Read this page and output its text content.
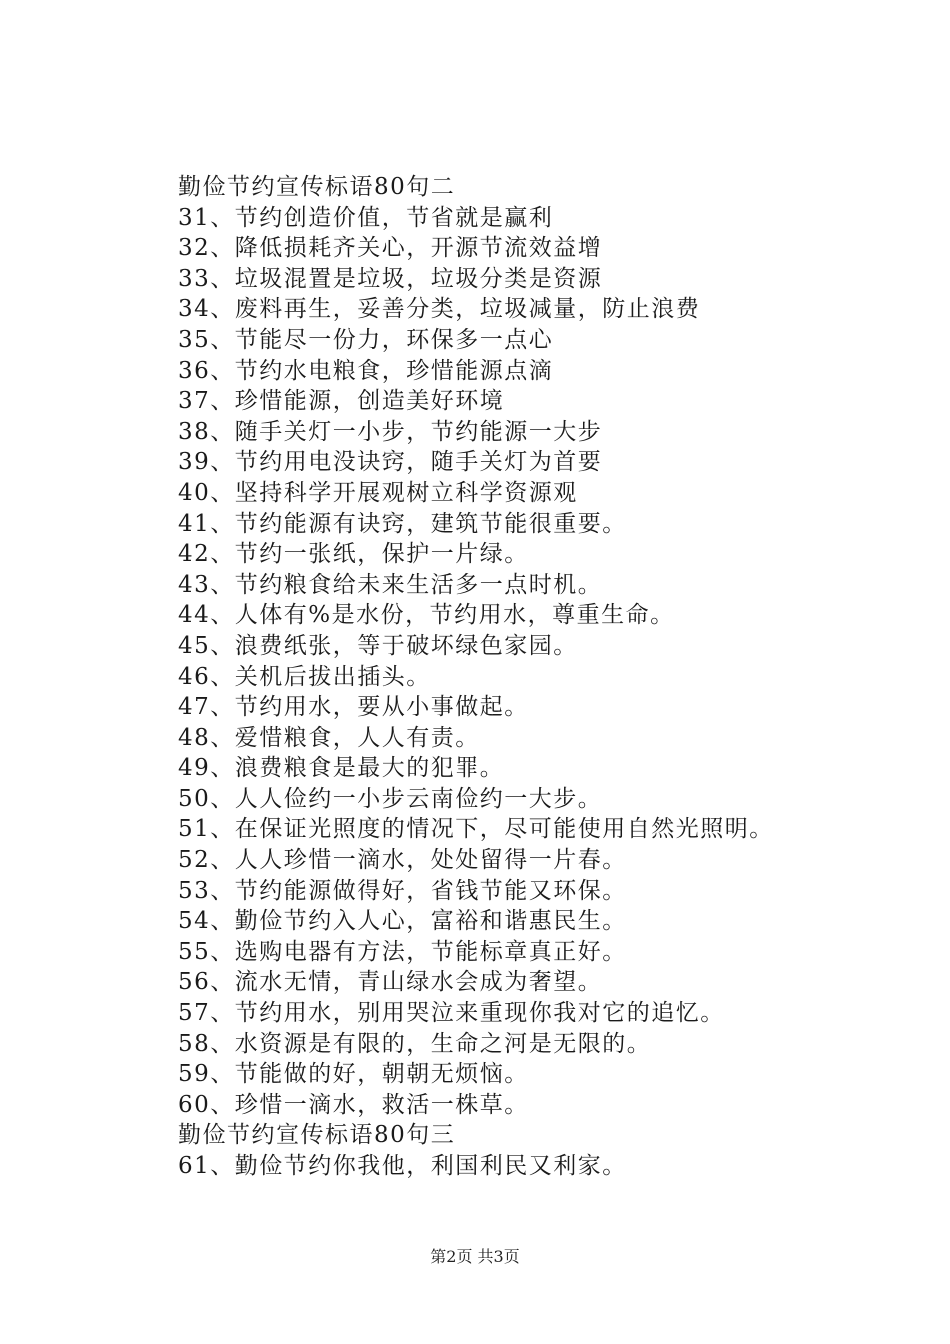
勤俭节约宣传标语80句二
31、节约创造价值，节省就是赢利
32、降低损耗齐关心，开源节流效益增
33、垃圾混置是垃圾，垃圾分类是资源
34、废料再生，妥善分类，垃圾减量，防止浪费
35、节能尽一份力，环保多一点心
36、节约水电粮食，珍惜能源点滴
37、珍惜能源，创造美好环境
38、随手关灯一小步，节约能源一大步
39、节约用电没诀窍，随手关灯为首要
40、坚持科学开展观树立科学资源观
41、节约能源有诀窍，建筑节能很重要。
42、节约一张纸，保护一片绿。
43、节约粮食给未来生活多一点时机。
44、人体有%是水份，节约用水，尊重生命。
45、浪费纸张，等于破坏绿色家园。
46、关机后拔出插头。
47、节约用水，要从小事做起。
48、爱惜粮食，人人有责。
49、浪费粮食是最大的犯罪。
50、人人俭约一小步云南俭约一大步。
51、在保证光照度的情况下，尽可能使用自然光照明。
52、人人珍惜一滴水，处处留得一片春。
53、节约能源做得好，省钱节能又环保。
54、勤俭节约入人心，富裕和谐惠民生。
55、选购电器有方法，节能标章真正好。
56、流水无情，青山绿水会成为奢望。
57、节约用水，别用哭泣来重现你我对它的追忆。
58、水资源是有限的，生命之河是无限的。
59、节能做的好，朝朝无烦恼。
60、珍惜一滴水，救活一株草。
勤俭节约宣传标语80句三
61、勤俭节约你我他，利国利民又利家。
第2页 共3页
